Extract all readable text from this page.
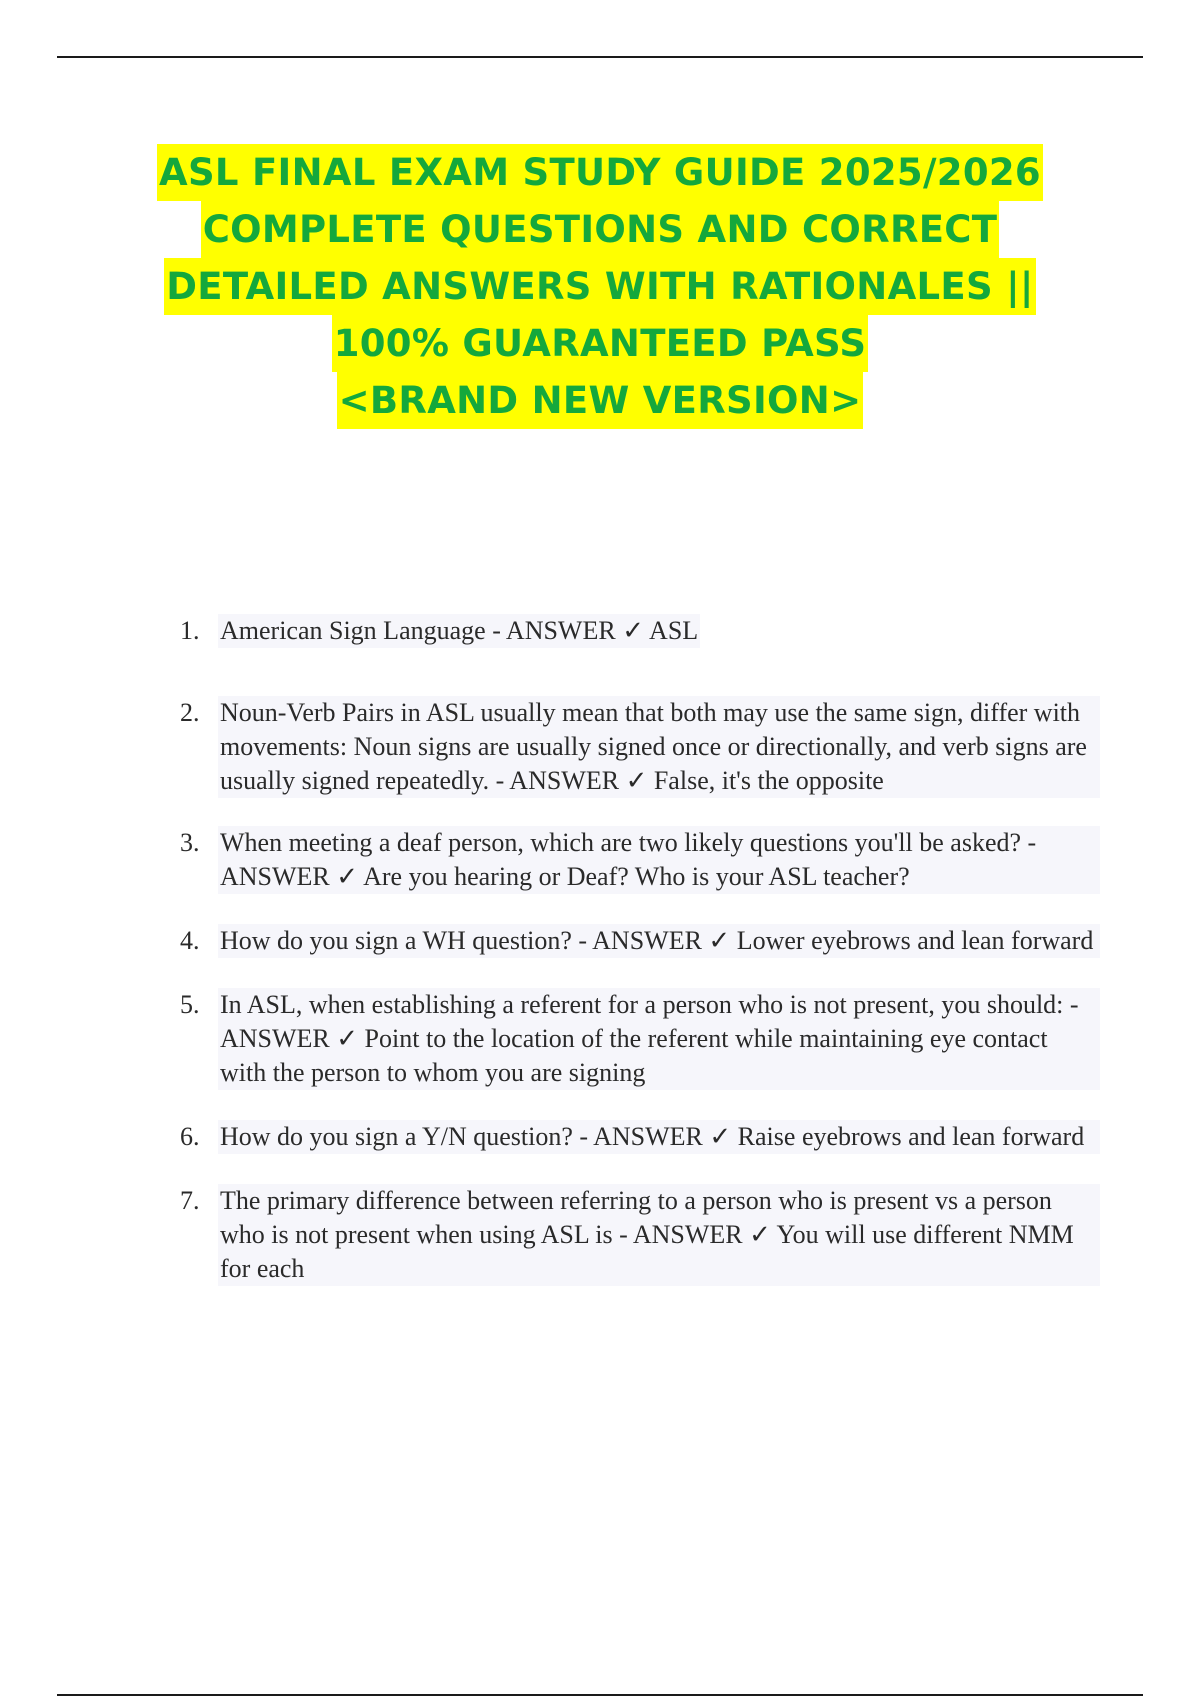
ASL FINAL EXAM STUDY GUIDE 2025/2026
COMPLETE QUESTIONS AND CORRECT
DETAILED ANSWERS WITH RATIONALES ||
100% GUARANTEED PASS
<BRAND NEW VERSION>
1. American Sign Language - ANSWER ✓ ASL
2. Noun-Verb Pairs in ASL usually mean that both may use the same sign, differ with movements: Noun signs are usually signed once or directionally, and verb signs are usually signed repeatedly. - ANSWER ✓ False, it's the opposite
3. When meeting a deaf person, which are two likely questions you'll be asked? - ANSWER ✓ Are you hearing or Deaf? Who is your ASL teacher?
4. How do you sign a WH question? - ANSWER ✓ Lower eyebrows and lean forward
5. In ASL, when establishing a referent for a person who is not present, you should: - ANSWER ✓ Point to the location of the referent while maintaining eye contact with the person to whom you are signing
6. How do you sign a Y/N question? - ANSWER ✓ Raise eyebrows and lean forward
7. The primary difference between referring to a person who is present vs a person who is not present when using ASL is - ANSWER ✓ You will use different NMM for each
